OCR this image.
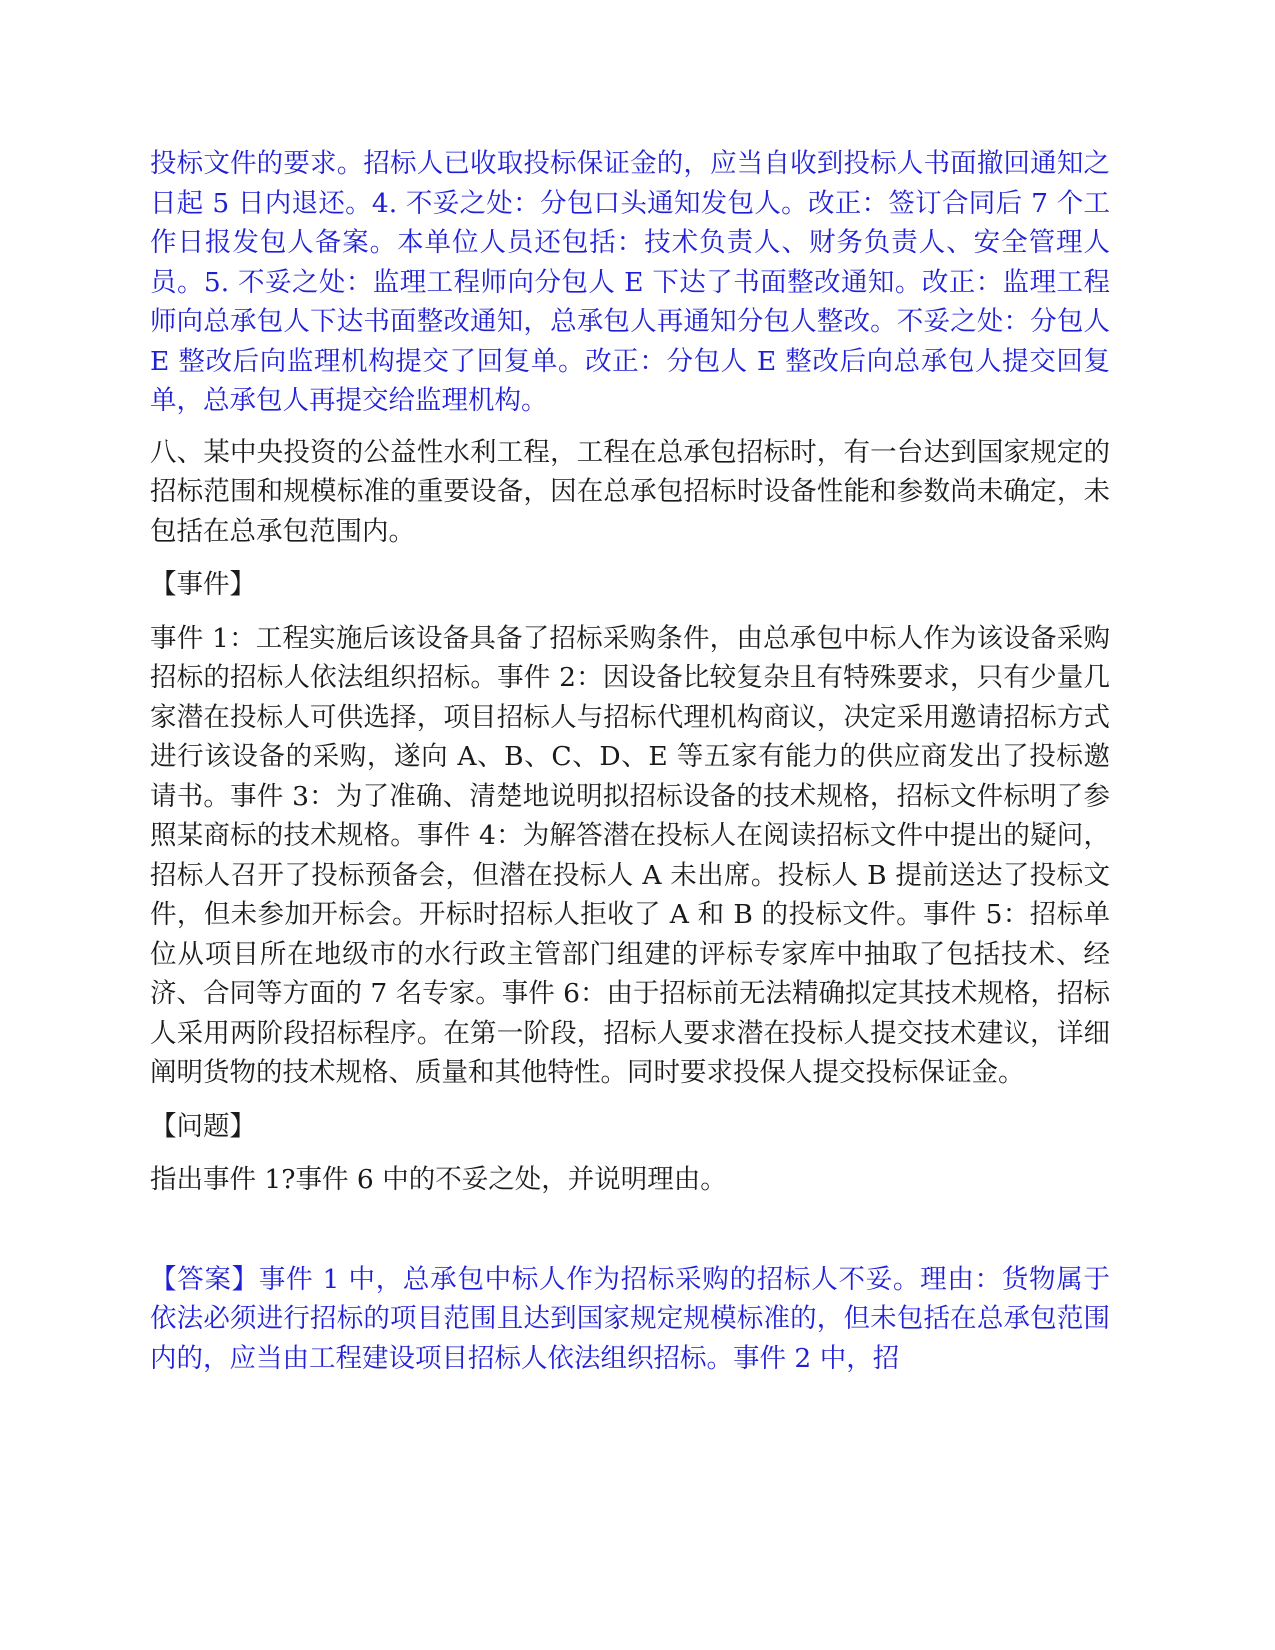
投标文件的要求。招标人已收取投标保证金的，应当自收到投标人书面撤回通知之日起 5 日内退还。4. 不妥之处：分包口头通知发包人。改正：签订合同后 7 个工作日报发包人备案。本单位人员还包括：技术负责人、财务负责人、安全管理人员。5. 不妥之处：监理工程师向分包人 E 下达了书面整改通知。改正：监理工程师向总承包人下达书面整改通知，总承包人再通知分包人整改。不妥之处：分包人 E 整改后向监理机构提交了回复单。改正：分包人 E 整改后向总承包人提交回复单，总承包人再提交给监理机构。

八、某中央投资的公益性水利工程，工程在总承包招标时，有一台达到国家规定的招标范围和规模标准的重要设备，因在总承包招标时设备性能和参数尚未确定，未包括在总承包范围内。

【事件】

事件 1：工程实施后该设备具备了招标采购条件，由总承包中标人作为该设备采购招标的招标人依法组织招标。事件 2：因设备比较复杂且有特殊要求，只有少量几家潜在投标人可供选择，项目招标人与招标代理机构商议，决定采用邀请招标方式进行该设备的采购，遂向 A、B、C、D、E 等五家有能力的供应商发出了投标邀请书。事件 3：为了准确、清楚地说明拟招标设备的技术规格，招标文件标明了参照某商标的技术规格。事件 4：为解答潜在投标人在阅读招标文件中提出的疑问，招标人召开了投标预备会，但潜在投标人 A 未出席。投标人 B 提前送达了投标文件，但未参加开标会。开标时招标人拒收了 A 和 B 的投标文件。事件 5：招标单位从项目所在地级市的水行政主管部门组建的评标专家库中抽取了包括技术、经济、合同等方面的 7 名专家。事件 6：由于招标前无法精确拟定其技术规格，招标人采用两阶段招标程序。在第一阶段，招标人要求潜在投标人提交技术建议，详细阐明货物的技术规格、质量和其他特性。同时要求投保人提交投标保证金。

【问题】

指出事件 1?事件 6 中的不妥之处，并说明理由。

【答案】事件 1 中，总承包中标人作为招标采购的招标人不妥。理由：货物属于依法必须进行招标的项目范围且达到国家规定规模标准的，但未包括在总承包范围内的，应当由工程建设项目招标人依法组织招标。事件 2 中，招
